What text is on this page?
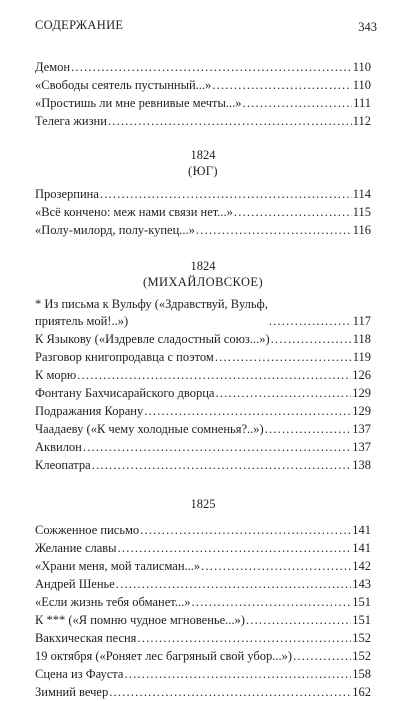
СОДЕРЖАНИЕ	343
Демон .....	110
«Свободы сеятель пустынный...» .....	110
«Простишь ли мне ревнивые мечты...» .....	111
Телега жизни .....	112
1824
(ЮГ)
Прозерпина .....	114
«Всё кончено: меж нами связи нет...» .....	115
«Полу-милорд, полу-купец...» .....	116
1824
(МИХАЙЛОВСКОЕ)
* Из письма к Вульфу («Здравствуй, Вульф,
приятель мой!..») .....	117
К Языкову («Издревле сладостный союз...») .....	118
Разговор книгопродавца с поэтом .....	119
К морю .....	126
Фонтану Бахчисарайского дворца .....	129
Подражания Корану .....	129
Чаадаеву («К чему холодные сомненья?..») .....	137
Аквилон .....	137
Клеопатра .....	138
1825
Сожженное письмо .....	141
Желание славы .....	141
«Храни меня, мой талисман...» .....	142
Андрей Шенье .....	143
«Если жизнь тебя обманет...» .....	151
К *** («Я помню чудное мгновенье...») .....	151
Вакхическая песня .....	152
19 октября («Роняет лес багряный свой убор...») .....	152
Сцена из Фауста .....	158
Зимний вечер .....	162
